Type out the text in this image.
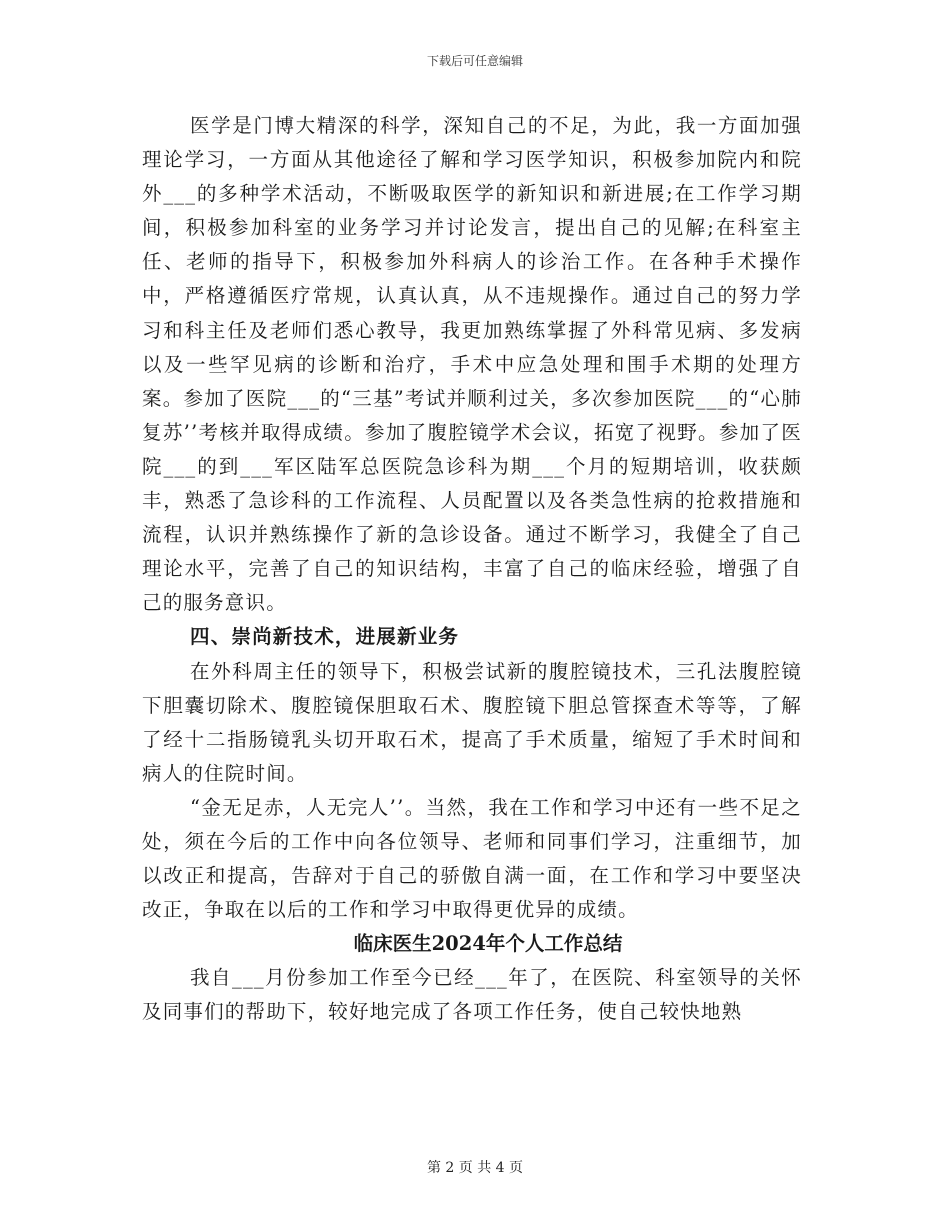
下载后可任意编辑

医学是门博大精深的科学，深知自己的不足，为此，我一方面加强理论学习，一方面从其他途径了解和学习医学知识，积极参加院内和院外___的多种学术活动，不断吸取医学的新知识和新进展;在工作学习期间，积极参加科室的业务学习并讨论发言，提出自己的见解;在科室主任、老师的指导下，积极参加外科病人的诊治工作。在各种手术操作中，严格遵循医疗常规，认真认真，从不违规操作。通过自己的努力学习和科主任及老师们悉心教导，我更加熟练掌握了外科常见病、多发病以及一些罕见病的诊断和治疗，手术中应急处理和围手术期的处理方案。参加了医院___的“三基”考试并顺利过关，多次参加医院___的“心肺复苏’’考核并取得成绩。参加了腹腔镜学术会议，拓宽了视野。参加了医院___的到___军区陆军总医院急诊科为期___个月的短期培训，收获颇丰，熟悉了急诊科的工作流程、人员配置以及各类急性病的抢救措施和流程，认识并熟练操作了新的急诊设备。通过不断学习，我健全了自己理论水平，完善了自己的知识结构，丰富了自己的临床经验，增强了自己的服务意识。

四、崇尚新技术，进展新业务

在外科周主任的领导下，积极尝试新的腹腔镜技术，三孔法腹腔镜下胆囊切除术、腹腔镜保胆取石术、腹腔镜下胆总管探查术等等，了解了经十二指肠镜乳头切开取石术，提高了手术质量，缩短了手术时间和病人的住院时间。

“金无足赤，人无完人’’。当然，我在工作和学习中还有一些不足之处，须在今后的工作中向各位领导、老师和同事们学习，注重细节，加以改正和提高，告辞对于自己的骄傲自满一面，在工作和学习中要坚决改正，争取在以后的工作和学习中取得更优异的成绩。

临床医生2024年个人工作总结

我自___月份参加工作至今已经___年了，在医院、科室领导的关怀及同事们的帮助下，较好地完成了各项工作任务，使自己较快地熟

第 2 页 共 4 页
